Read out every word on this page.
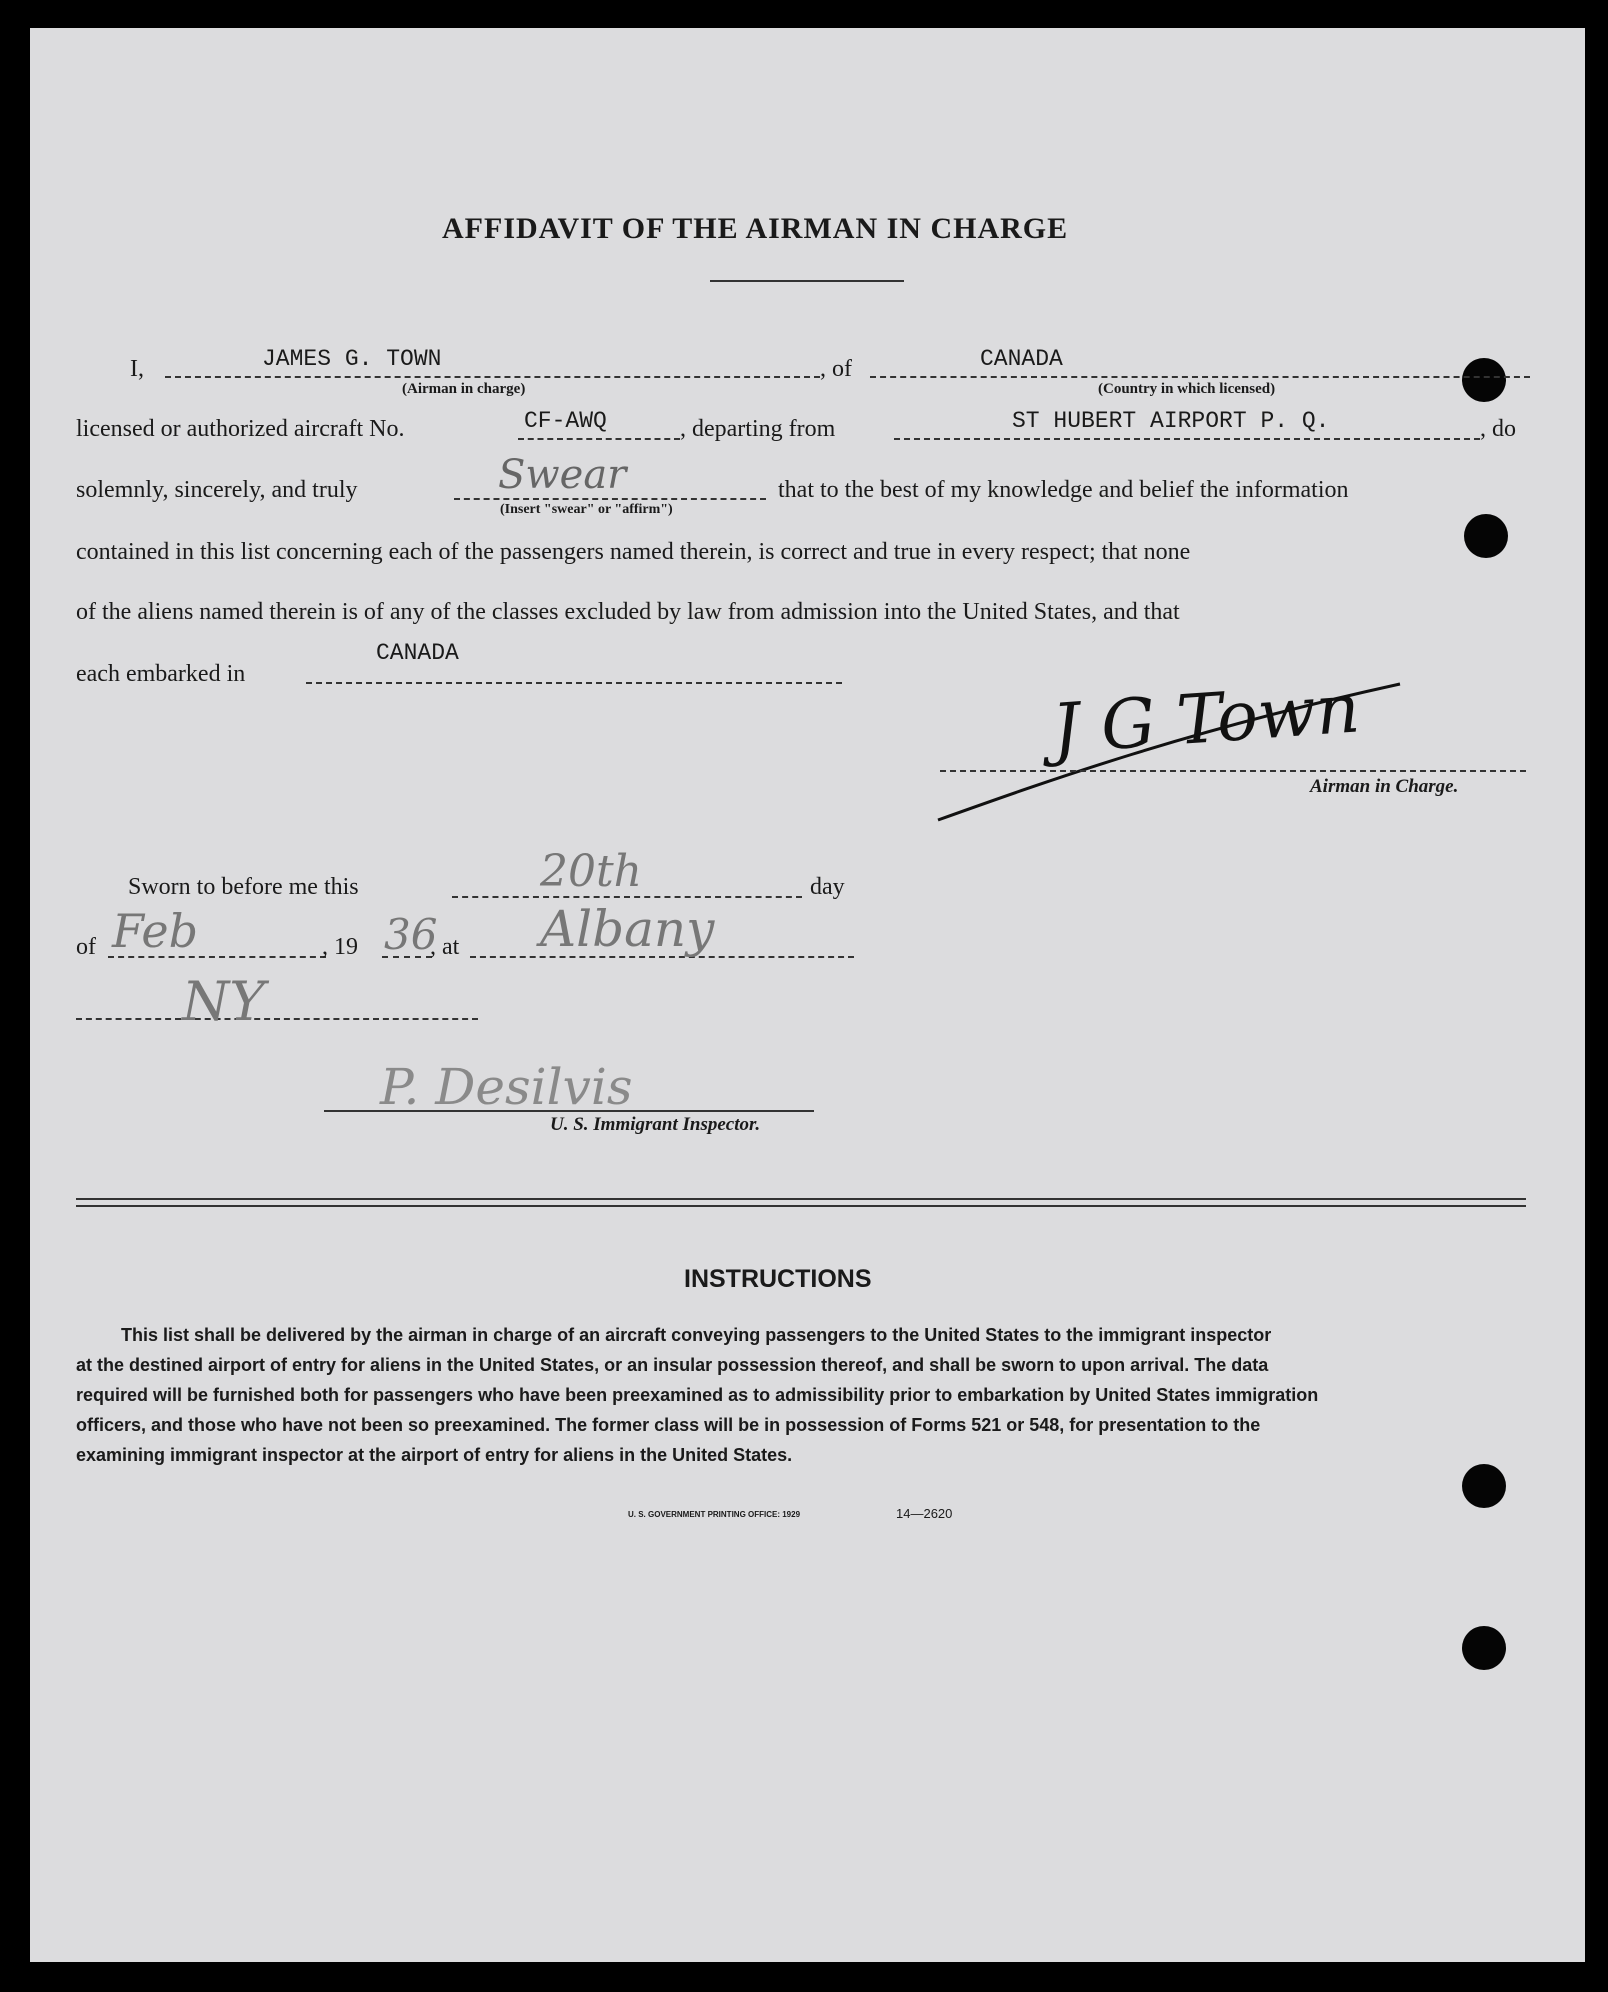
AFFIDAVIT OF THE AIRMAN IN CHARGE
I,	JAMES G. TOWN
(Airman in charge)
, of	CANADA
(Country in which licensed)
licensed or authorized aircraft No.	CF-AWQ	, departing from	ST HUBERT AIRPORT P. Q.	, do
solemnly, sincerely, and truly	Swear
(Insert "swear" or "affirm")
that to the best of my knowledge and belief the information
contained in this list concerning each of the passengers named therein, is correct and true in every respect; that none
of the aliens named therein is of any of the classes excluded by law from admission into the United States, and that
each embarked in
CANADA
J G Town
Airman in Charge.
Sworn to before me this	20th	day
of Feb	, 19 36
, at Albany
NY
P. Desilvis
U. S. Immigrant Inspector.
INSTRUCTIONS
This list shall be delivered by the airman in charge of an aircraft conveying passengers to the United States to the immigrant inspector
at the destined airport of entry for aliens in the United States, or an insular possession thereof, and shall be sworn to upon arrival. The data
required will be furnished both for passengers who have been preexamined as to admissibility prior to embarkation by United States immigration
officers, and those who have not been so preexamined. The former class will be in possession of Forms 521 or 548, for presentation to the
examining immigrant inspector at the airport of entry for aliens in the United States.
U. S. GOVERNMENT PRINTING OFFICE: 1929	14—2620
